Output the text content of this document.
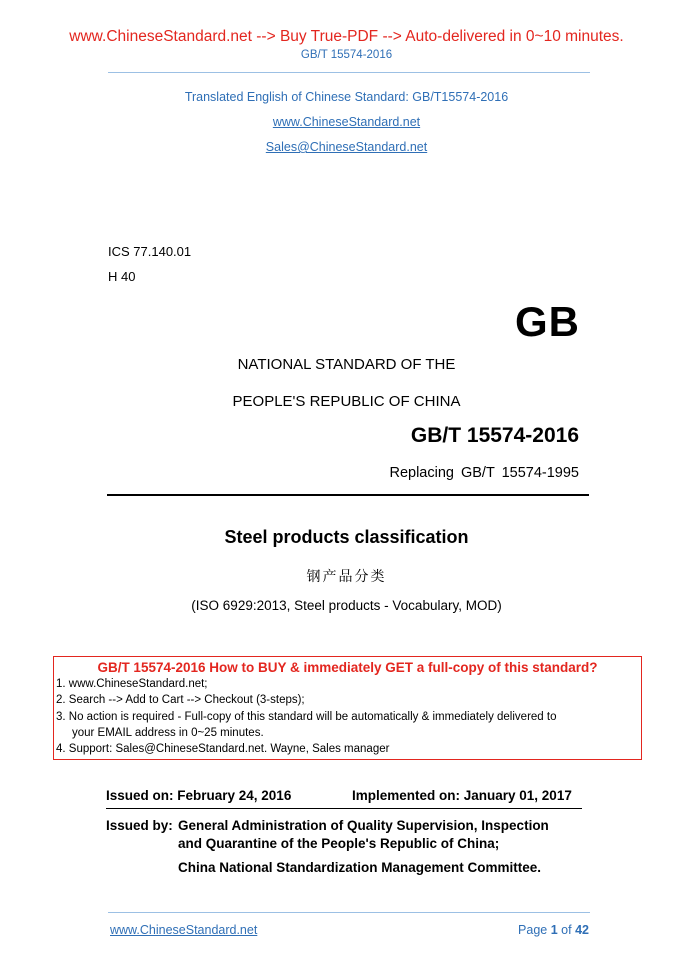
www.ChineseStandard.net --> Buy True-PDF --> Auto-delivered in 0~10 minutes.
GB/T 15574-2016
Translated English of Chinese Standard: GB/T15574-2016
www.ChineseStandard.net
Sales@ChineseStandard.net
ICS 77.140.01
H 40
GB
NATIONAL STANDARD OF THE
PEOPLE'S REPUBLIC OF CHINA
GB/T 15574-2016
Replacing GB/T 15574-1995
Steel products classification
钢产品分类
(ISO 6929:2013, Steel products - Vocabulary, MOD)
GB/T 15574-2016 How to BUY & immediately GET a full-copy of this standard?
1. www.ChineseStandard.net;
2. Search --> Add to Cart --> Checkout (3-steps);
3. No action is required - Full-copy of this standard will be automatically & immediately delivered to
your EMAIL address in 0~25 minutes.
4. Support: Sales@ChineseStandard.net. Wayne, Sales manager
Issued on: February 24, 2016	Implemented on: January 01, 2017
Issued by: General Administration of Quality Supervision, Inspection
and Quarantine of the People's Republic of China;
China National Standardization Management Committee.
www.ChineseStandard.net	Page 1 of 42
